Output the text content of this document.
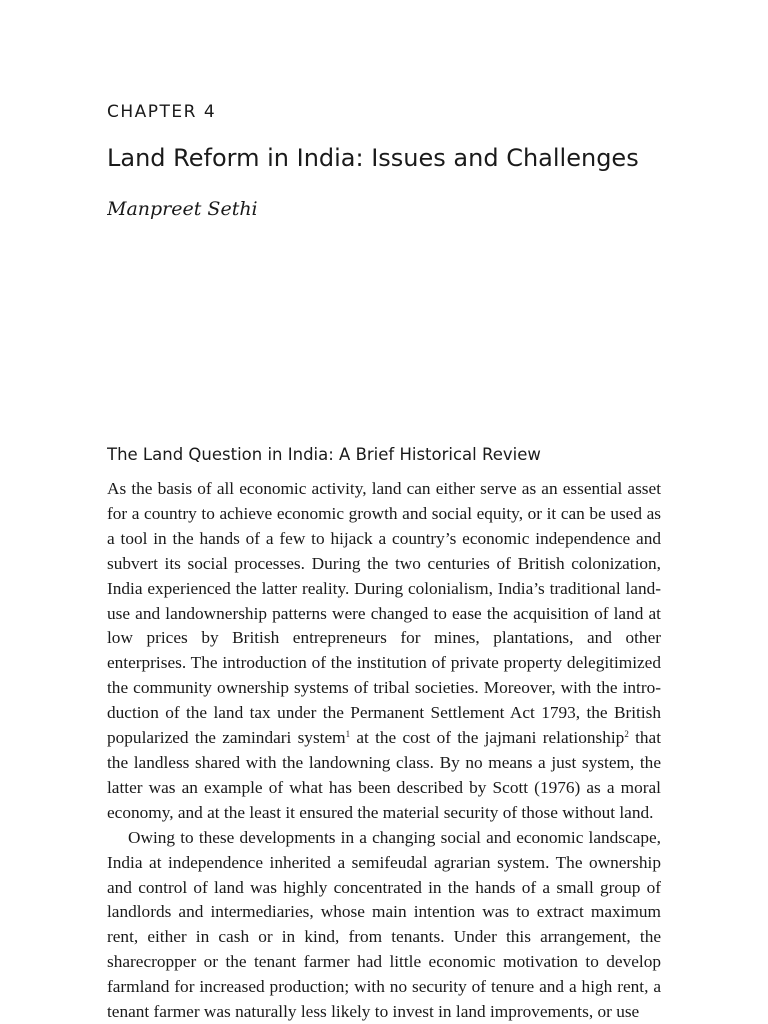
CHAPTER 4
Land Reform in India: Issues and Challenges
Manpreet Sethi
The Land Question in India: A Brief Historical Review

As the basis of all economic activity, land can either serve as an essential asset for a country to achieve economic growth and social equity, or it can be used as a tool in the hands of a few to hijack a country’s economic independence and subvert its social processes. During the two centuries of British colonization, India experienced the latter reality. During colonialism, India’s traditional land-use and landownership patterns were changed to ease the acquisition of land at low prices by British entrepreneurs for mines, plantations, and other enterprises. The introduction of the institution of private property delegitimized the community ownership systems of tribal societies. Moreover, with the introduction of the land tax under the Permanent Settlement Act 1793, the British popularized the zamindari system$^1$ at the cost of the jajmani relationship$^2$ that the landless shared with the landowning class. By no means a just system, the latter was an example of what has been described by Scott (1976) as a moral economy, and at the least it ensured the material security of those without land.

Owing to these developments in a changing social and economic landscape, India at independence inherited a semifeudal agrarian system. The ownership and control of land was highly concentrated in the hands of a small group of landlords and intermediaries, whose main intention was to extract maximum rent, either in cash or in kind, from tenants. Under this arrangement, the sharecropper or the tenant farmer had little economic motivation to develop farmland for increased production; with no security of tenure and a high rent, a tenant farmer was naturally less likely to invest in land improvements, or use
